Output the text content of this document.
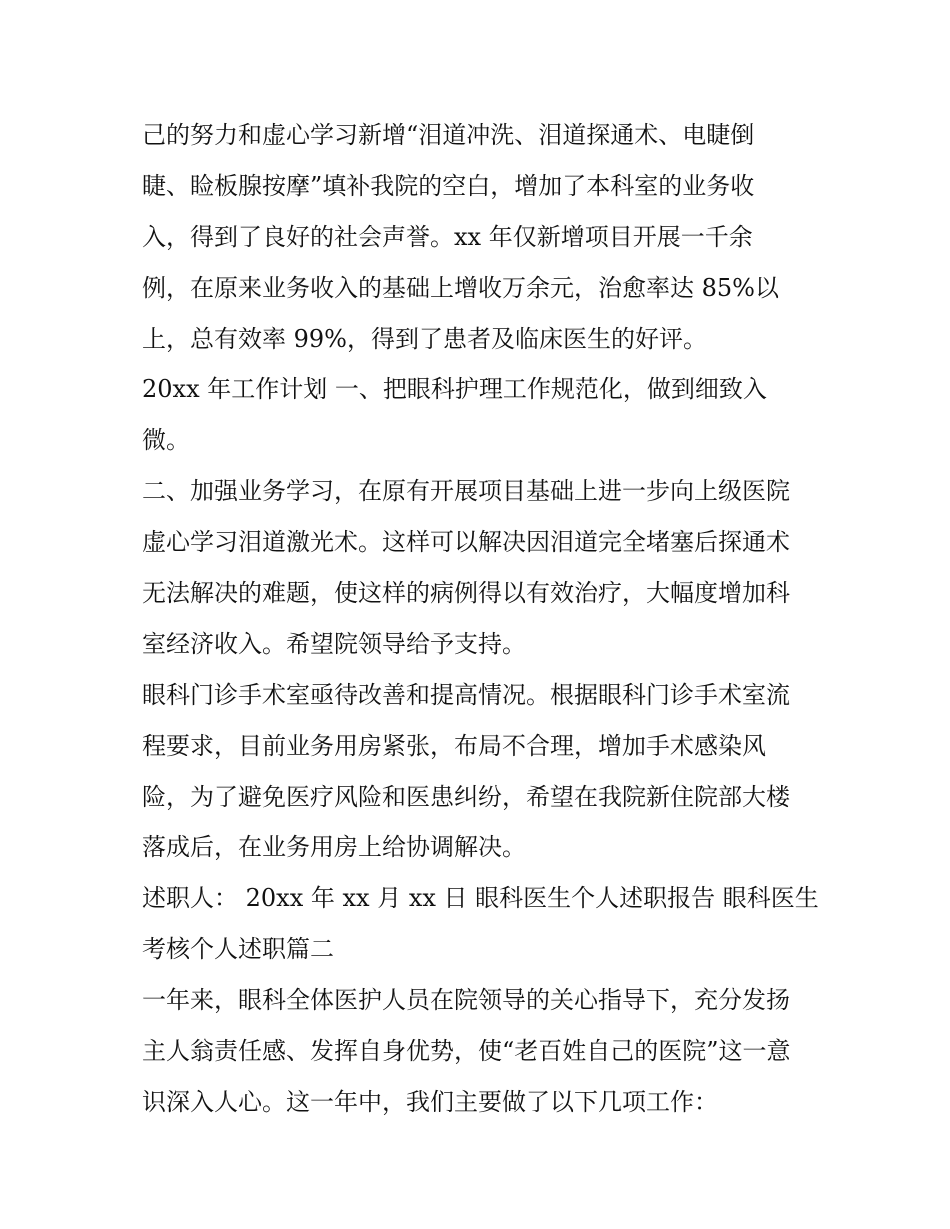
己的努力和虚心学习新增“泪道冲洗、泪道探通术、电睫倒
睫、睑板腺按摩”填补我院的空白，增加了本科室的业务收
入，得到了良好的社会声誉。xx 年仅新增项目开展一千余
例，在原来业务收入的基础上增收万余元，治愈率达 85%以
上，总有效率 99%，得到了患者及临床医生的好评。
20xx 年工作计划 一、把眼科护理工作规范化，做到细致入
微。
二、加强业务学习，在原有开展项目基础上进一步向上级医院
虚心学习泪道激光术。这样可以解决因泪道完全堵塞后探通术
无法解决的难题，使这样的病例得以有效治疗，大幅度增加科
室经济收入。希望院领导给予支持。
眼科门诊手术室亟待改善和提高情况。根据眼科门诊手术室流
程要求，目前业务用房紧张，布局不合理，增加手术感染风
险，为了避免医疗风险和医患纠纷，希望在我院新住院部大楼
落成后，在业务用房上给协调解决。
述职人： 20xx 年 xx 月 xx 日 眼科医生个人述职报告 眼科医生
考核个人述职篇二
一年来，眼科全体医护人员在院领导的关心指导下，充分发扬
主人翁责任感、发挥自身优势，使“老百姓自己的医院”这一意
识深入人心。这一年中，我们主要做了以下几项工作：
